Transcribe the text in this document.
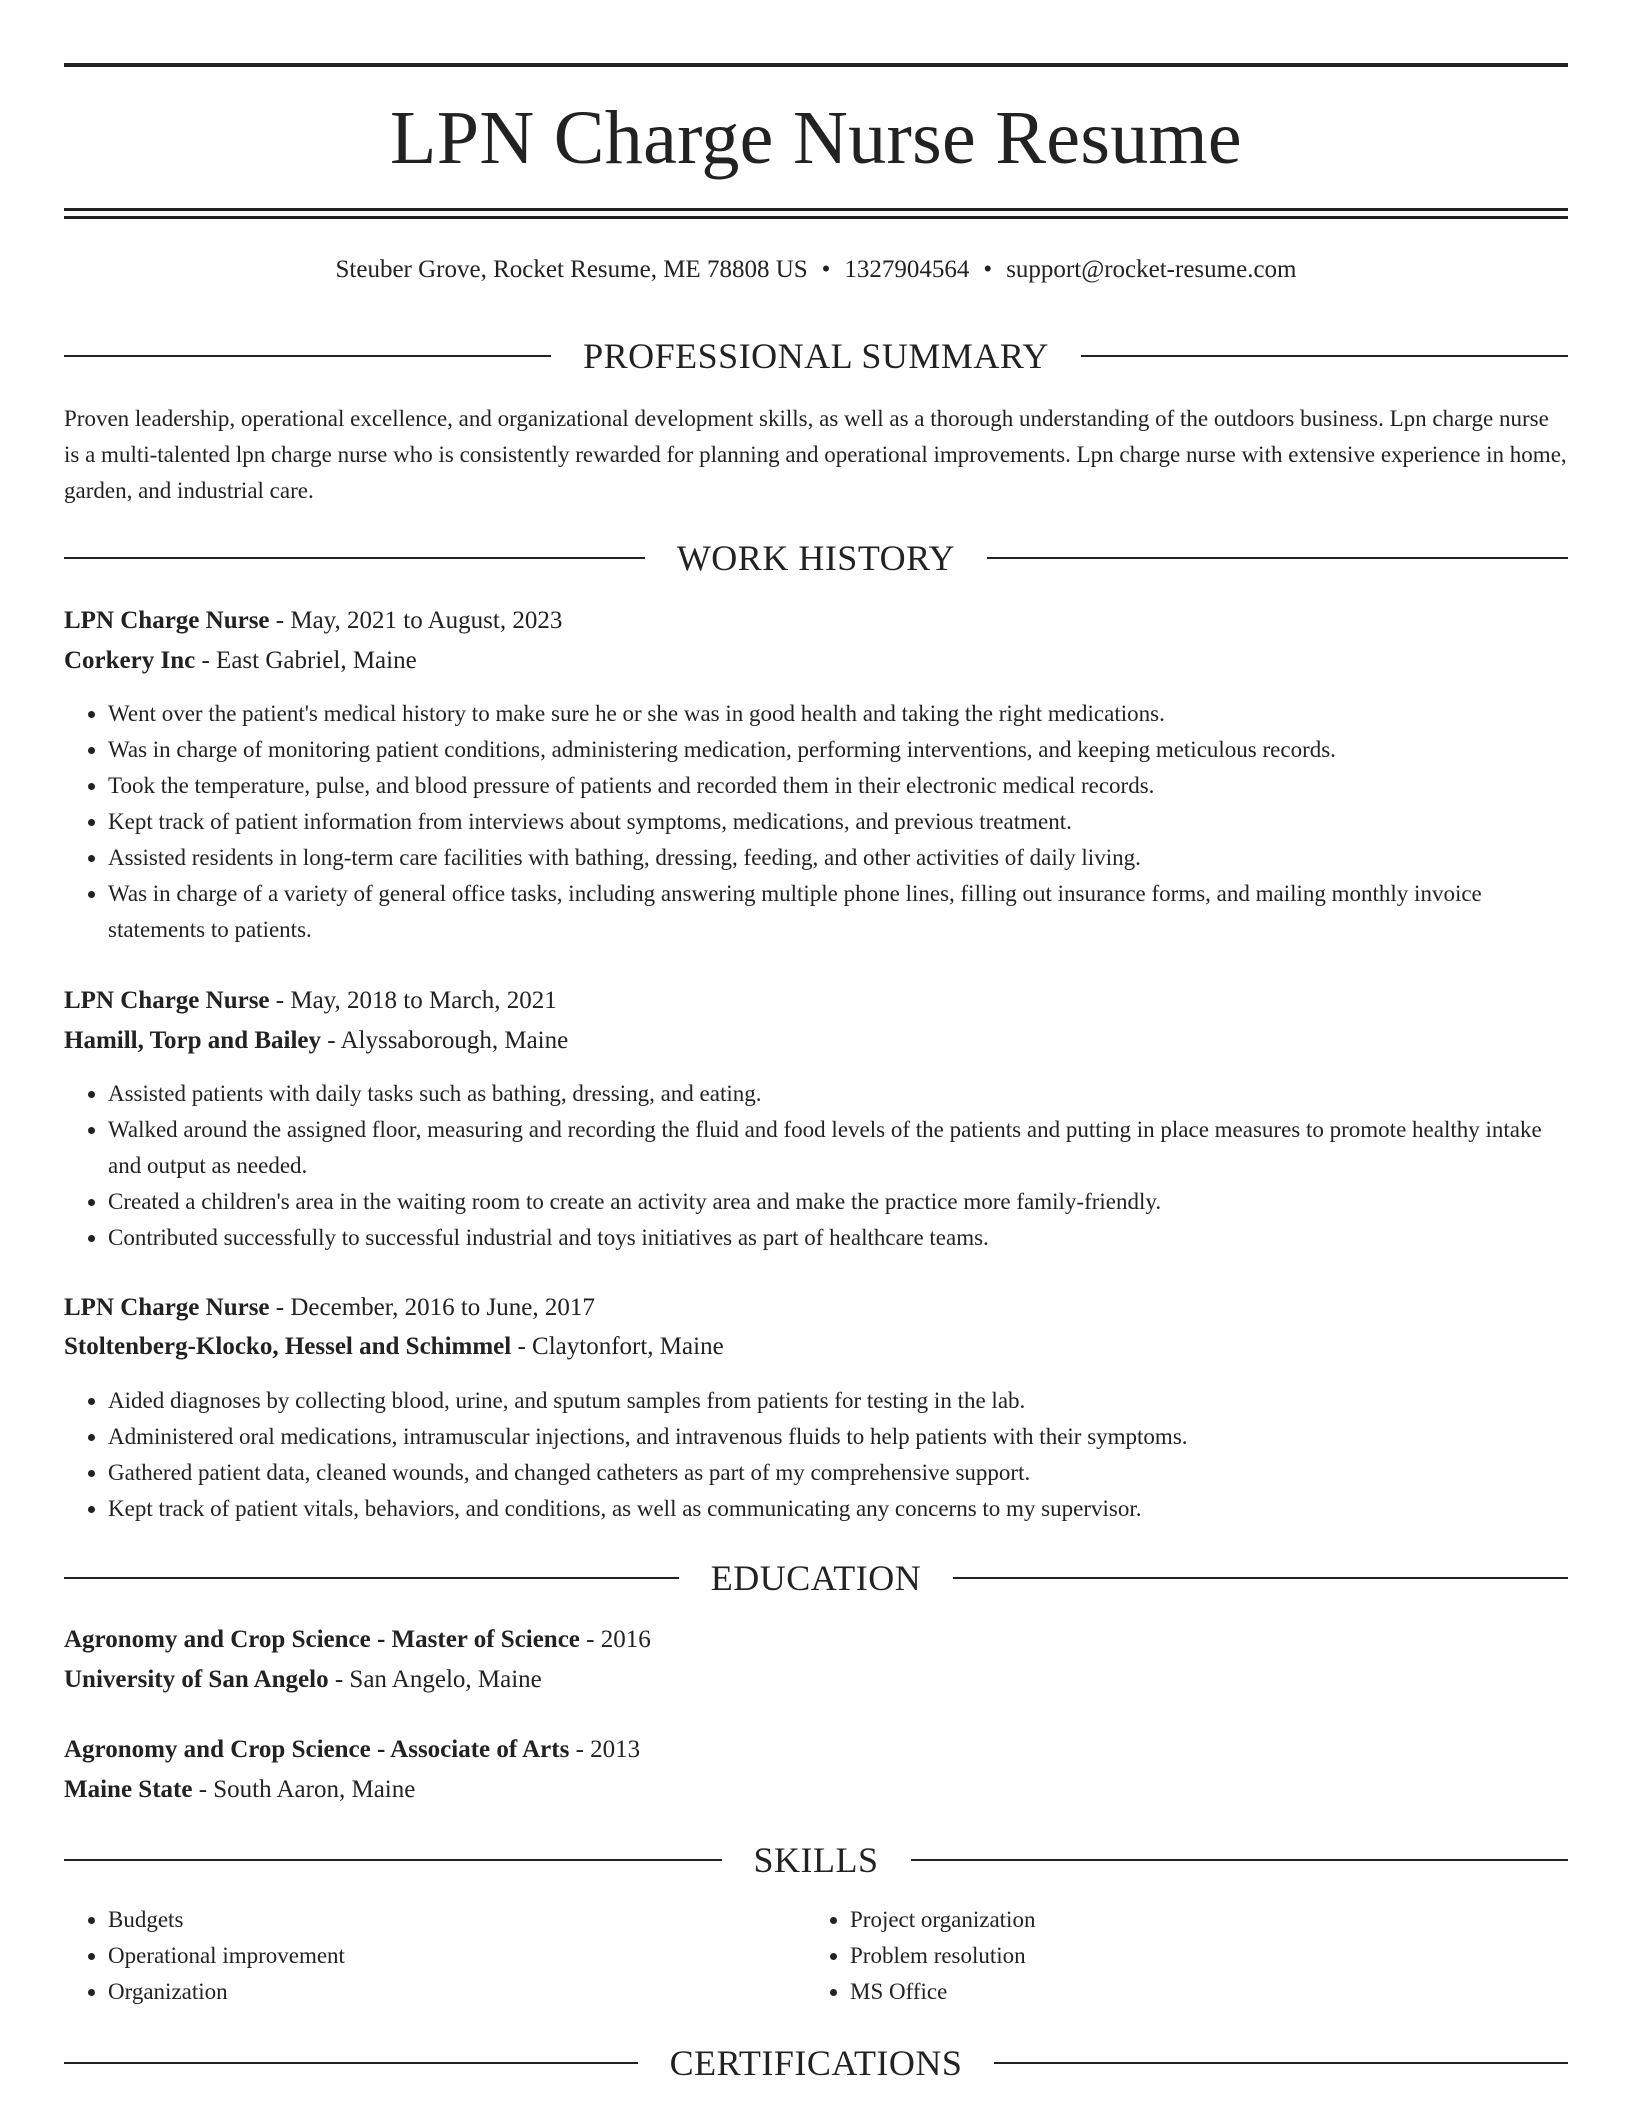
LPN Charge Nurse Resume
Steuber Grove, Rocket Resume, ME 78808 US • 1327904564 • support@rocket-resume.com
PROFESSIONAL SUMMARY
Proven leadership, operational excellence, and organizational development skills, as well as a thorough understanding of the outdoors business. Lpn charge nurse is a multi-talented lpn charge nurse who is consistently rewarded for planning and operational improvements. Lpn charge nurse with extensive experience in home, garden, and industrial care.
WORK HISTORY
LPN Charge Nurse - May, 2021 to August, 2023
Corkery Inc - East Gabriel, Maine
• Went over the patient's medical history to make sure he or she was in good health and taking the right medications.
• Was in charge of monitoring patient conditions, administering medication, performing interventions, and keeping meticulous records.
• Took the temperature, pulse, and blood pressure of patients and recorded them in their electronic medical records.
• Kept track of patient information from interviews about symptoms, medications, and previous treatment.
• Assisted residents in long-term care facilities with bathing, dressing, feeding, and other activities of daily living.
• Was in charge of a variety of general office tasks, including answering multiple phone lines, filling out insurance forms, and mailing monthly invoice statements to patients.
LPN Charge Nurse - May, 2018 to March, 2021
Hamill, Torp and Bailey - Alyssaborough, Maine
• Assisted patients with daily tasks such as bathing, dressing, and eating.
• Walked around the assigned floor, measuring and recording the fluid and food levels of the patients and putting in place measures to promote healthy intake and output as needed.
• Created a children's area in the waiting room to create an activity area and make the practice more family-friendly.
• Contributed successfully to successful industrial and toys initiatives as part of healthcare teams.
LPN Charge Nurse - December, 2016 to June, 2017
Stoltenberg-Klocko, Hessel and Schimmel - Claytonfort, Maine
• Aided diagnoses by collecting blood, urine, and sputum samples from patients for testing in the lab.
• Administered oral medications, intramuscular injections, and intravenous fluids to help patients with their symptoms.
• Gathered patient data, cleaned wounds, and changed catheters as part of my comprehensive support.
• Kept track of patient vitals, behaviors, and conditions, as well as communicating any concerns to my supervisor.
EDUCATION
Agronomy and Crop Science - Master of Science - 2016
University of San Angelo - San Angelo, Maine
Agronomy and Crop Science - Associate of Arts - 2013
Maine State - South Aaron, Maine
SKILLS
• Budgets
• Operational improvement
• Organization
• Project organization
• Problem resolution
• MS Office
CERTIFICATIONS
